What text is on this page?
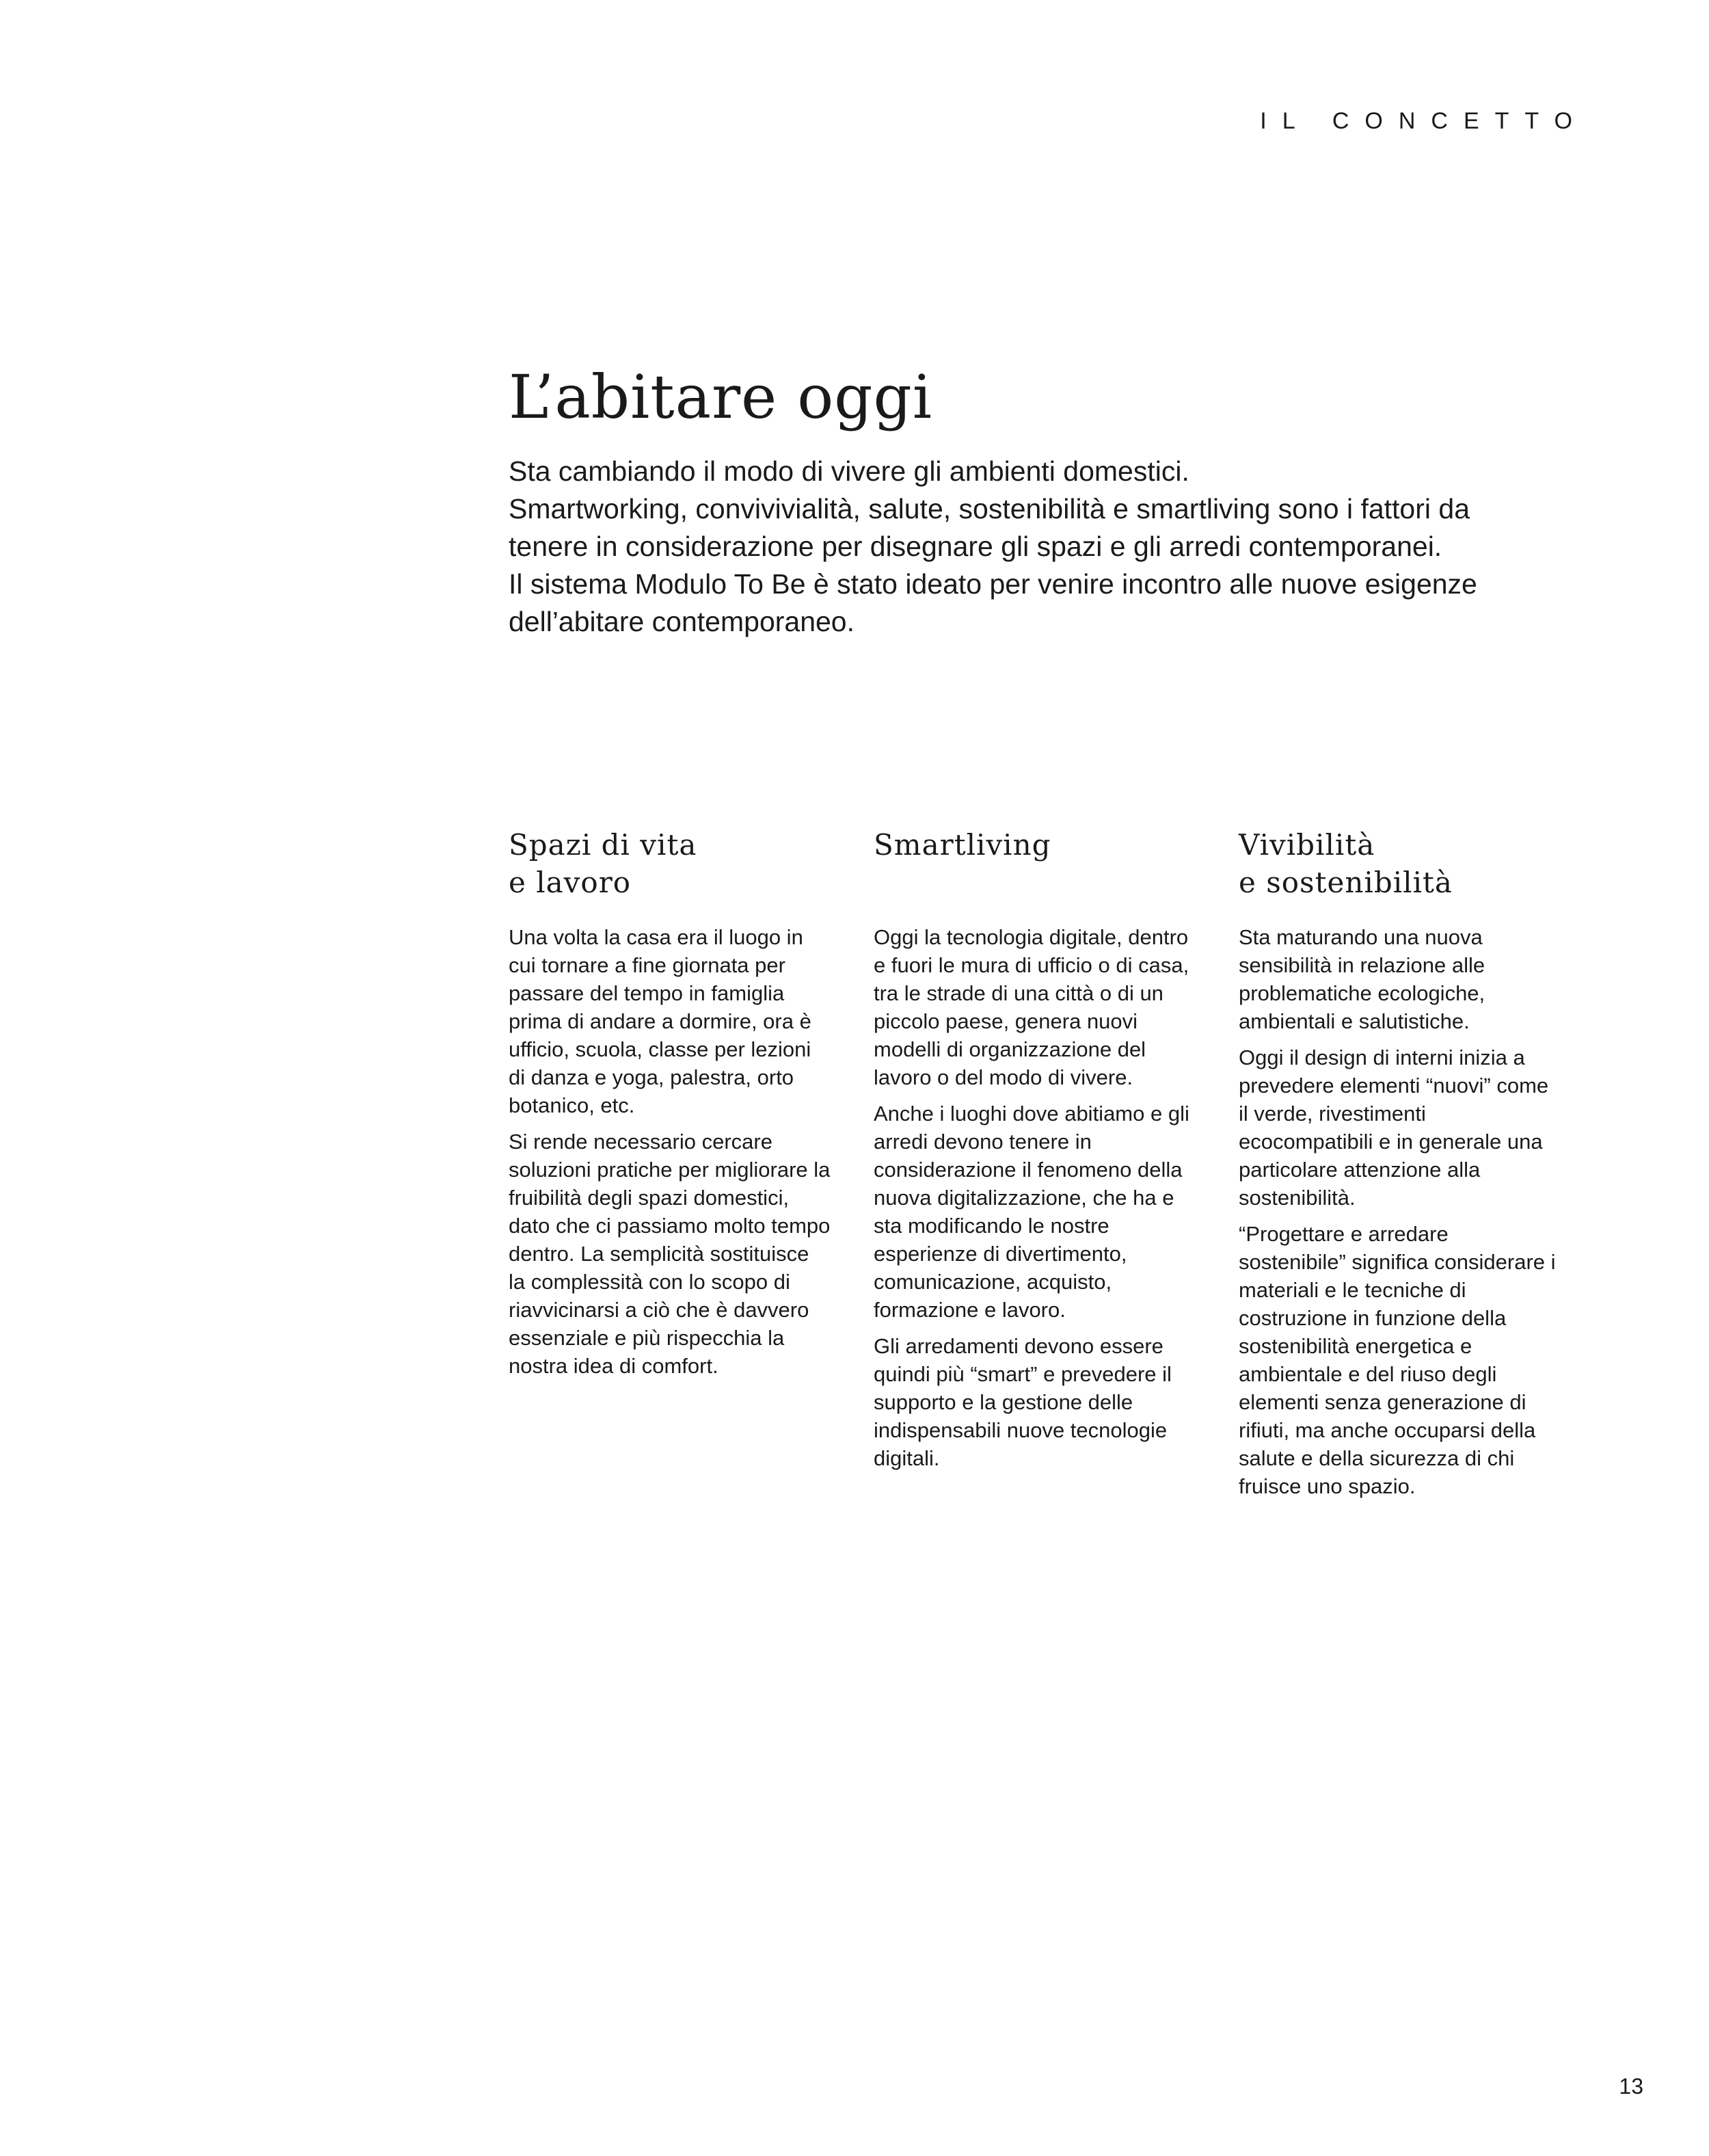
IL CONCETTO
L’abitare oggi

Sta cambiando il modo di vivere gli ambienti domestici.

Smartworking, convivivialità, salute, sostenibilità e smartliving sono i fattori da tenere in considerazione per disegnare gli spazi e gli arredi contemporanei.

Il sistema Modulo To Be è stato ideato per venire incontro alle nuove esigenze dell’abitare contemporaneo.

Spazi di vita
e lavoro

Una volta la casa era il luogo in cui tornare a fine giornata per passare del tempo in famiglia prima di andare a dormire, ora è ufficio, scuola, classe per lezioni di danza e yoga, palestra, orto botanico, etc.

Si rende necessario cercare soluzioni pratiche per migliorare la fruibilità degli spazi domestici, dato che ci passiamo molto tempo dentro. La semplicità sostituisce la complessità con lo scopo di riavvicinarsi a ciò che è davvero essenziale e più rispecchia la nostra idea di comfort.

Smartliving

Oggi la tecnologia digitale, dentro e fuori le mura di ufficio o di casa, tra le strade di una città o di un piccolo paese, genera nuovi modelli di organizzazione del lavoro o del modo di vivere.

Anche i luoghi dove abitiamo e gli arredi devono tenere in considerazione il fenomeno della nuova digitalizzazione, che ha e sta modificando le nostre esperienze di divertimento, comunicazione, acquisto, formazione e lavoro.

Gli arredamenti devono essere quindi più “smart” e prevedere il supporto e la gestione delle indispensabili nuove tecnologie digitali.

Vivibilità
e sostenibilità

Sta maturando una nuova sensibilità in relazione alle problematiche ecologiche, ambientali e salutistiche.

Oggi il design di interni inizia a prevedere elementi “nuovi” come il verde, rivestimenti ecocompatibili e in generale una particolare attenzione alla sostenibilità.

“Progettare e arredare sostenibile” significa considerare i materiali e le tecniche di costruzione in funzione della sostenibilità energetica e ambientale e del riuso degli elementi senza generazione di rifiuti, ma anche occuparsi della salute e della sicurezza di chi fruisce uno spazio.

13
